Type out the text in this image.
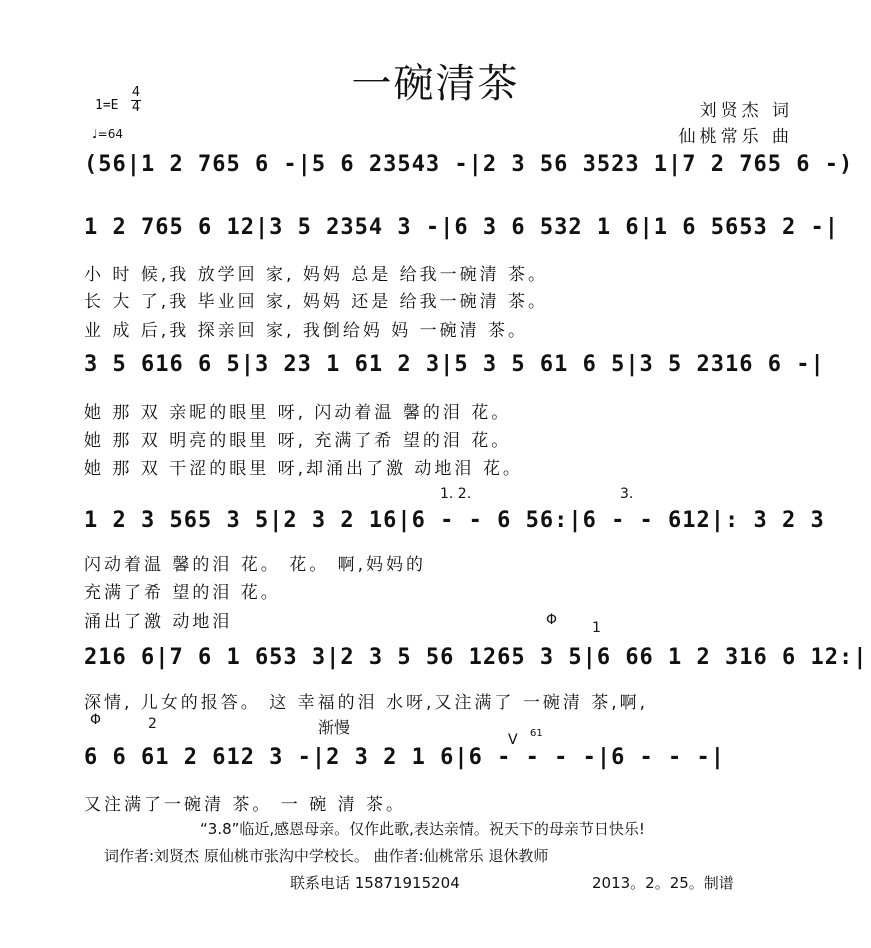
一碗清茶
1=E
4
4
♩=64
刘贤杰 词
仙桃常乐 曲
(56|1 2 765 6 -|5 6 23543 -|2 3 56 3523 1|7 2 765 6 -)
1 2 765 6 12|3 5 2354 3 -|6 3 6 532 1 6|1 6 5653 2 -|
小 时 候,我 放学回 家, 妈妈 总是 给我一碗清 茶。
长 大 了,我 毕业回 家, 妈妈 还是 给我一碗清 茶。
业 成 后,我 探亲回 家, 我倒给妈 妈 一碗清 茶。
3 5 616 6 5|3 23 1 61 2 3|5 3 5 61 6 5|3 5 2316 6 -|
她 那 双 亲昵的眼里 呀, 闪动着温 馨的泪 花。
她 那 双 明亮的眼里 呀, 充满了希 望的泪 花。
她 那 双 干涩的眼里 呀,却涌出了激 动地泪 花。
1. 2.	3.
1 2 3 565 3 5|2 3 2 16|6 - - 6 56:|6 - - 612|: 3 2 3
闪动着温 馨的泪 花。 花。 啊,妈妈的
充满了希 望的泪 花。
涌出了激 动地泪	Φ 1
216 6|7 6 1 653 3|2 3 5 56 1265 3 5|6 66 1 2 316 6 12:|
深情, 儿女的报答。 这 幸福的泪 水呀,又注满了 一碗清 茶,啊,
Φ	2	渐慢
V 61
6 6 61 2 612 3 -|2 3 2 1 6|6 - - - -|6 - - -|
又注满了一碗清 茶。 一 碗 清 茶。
“3.8”临近,感恩母亲。仅作此歌,表达亲情。祝天下的母亲节日快乐!
词作者:刘贤杰 原仙桃市张沟中学校长。 曲作者:仙桃常乐 退休教师
联系电话 15871915204	2013。2。25。制谱
